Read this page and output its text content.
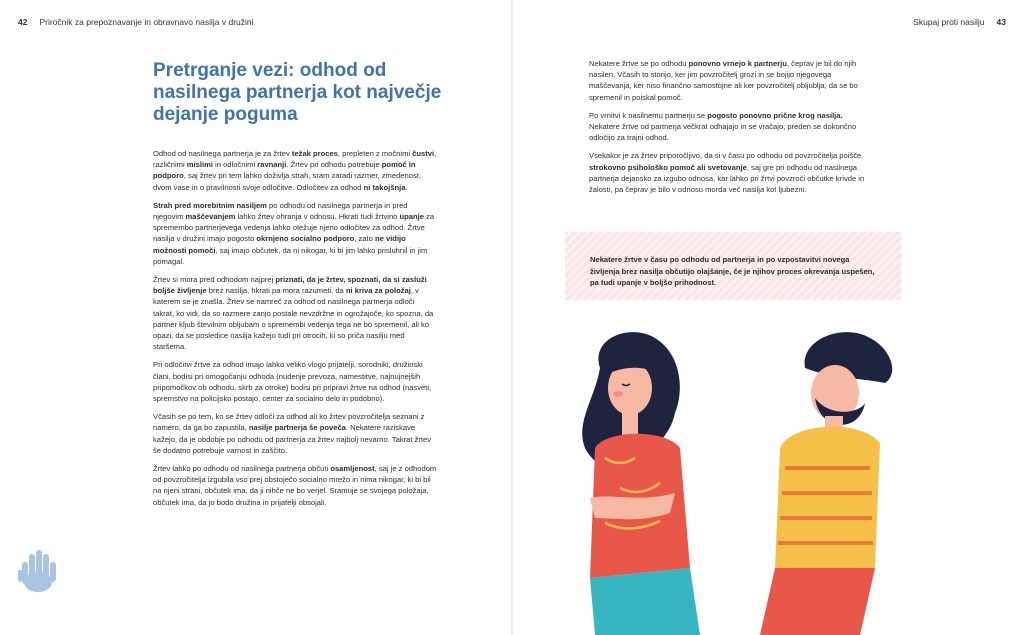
42 Priročnik za prepoznavanje in obravnavo nasilja v družini	Skupaj proti nasilju 43
Pretrganje vezi: odhod od nasilnega partnerja kot največje dejanje poguma

Odhod od nasilnega partnerja je za žrtev težak proces, prepleten z močnimi čustvi, različnimi mislimi in odločnimi ravnanji. Žrtev pri odhodu potrebuje pomoč in podporo, saj žrtev pri tem lahko doživlja strah, sram zaradi razmer, zmedenost, dvom vase in o pravilnosti svoje odločitve. Odločitev za odhod ni takojšnja.

Strah pred morebitnim nasiljem po odhodu od nasilnega partnerja in pred njegovim maščevanjem lahko žrtev ohranja v odnosu. Hkrati tudi žrtvino upanje za spremembo partnerjevega vedenja lahko otežuje njeno odločitev za odhod. Žrtve nasilja v družini imajo pogosto okrnjeno socialno podporo, zato ne vidijo možnosti pomoči, saj imajo občutek, da ni nikogar, ki bi jim lahko prisluhnil in jim pomagal.

Žrtev si mora pred odhodom najprej priznati, da je žrtev, spoznati, da si zasluži boljše življenje brez nasilja, hkrati pa mora razumeti, da ni kriva za položaj, v katerem se je znašla. Žrtev se namreč za odhod od nasilnega partnerja odloči takrat, ko vidi, da so razmere zanjo postale nevzdržne in ogrožajoče, ko spozna, da partner kljub številnim obljubam o spremembi vedenja tega ne bo spremenil, ali ko opazi, da se posledice nasilja kažejo tudi pri otrocih, ki so priča nasilju med staršema.

Pri odločitvi žrtve za odhod imajo lahko veliko vlogo prijatelji, sorodniki, družinski člani, bodisi pri omogočanju odhoda (nudenje prevoza, namestitve, najnujnejših pripomočkov ob odhodu, skrb za otroke) bodisi pri pripravi žrtve na odhod (nasveti, spremstvo na policijsko postajo, center za socialno delo in podobno).

Včasih se po tem, ko se žrtev odloči za odhod ali ko žrtev povzročitelja seznani z namero, da ga bo zapustila, nasilje partnerja še poveča. Nekatere raziskave kažejo, da je obdobje po odhodu od partnerja za žrtev najbolj nevarno. Takrat žrtev še dodatno potrebuje varnost in zaščito.

Žrtev lahko po odhodu od nasilnega partnerja občuti osamljenost, saj je z odhodom od povzročitelja izgubila vso prej obstoječo socialno mrežo in nima nikogar, ki bi bil na njeni strani, občutek ima, da ji nihče ne bo verjel. Sramuje se svojega položaja, občutek ima, da jo bodo družina in prijatelji obsojali.

Nekatere žrtve se po odhodu ponovno vrnejo k partnerju, čeprav je bil do njih nasilen. Včasih to storijo, ker jim povzročitelj grozi in se bojijo njegovega maščevanja, ker niso finančno samostojne ali ker povzročitelj obljublja, da se bo spremenil in poiskal pomoč.

Po vrnitvi k nasilnemu partnerju se pogosto ponovno prične krog nasilja. Nekatere žrtve od partnerja večkrat odhajajo in se vračajo, preden se dokončno odločijo za trajni odhod.

Vsekakor je za žrtev priporočljivo, da si v času po odhodu od povzročitelja poišče strokovno psihološko pomoč ali svetovanje, saj gre pri odhodu od nasilnega partnerja dejansko za izgubo odnosa, kar lahko pri žrtvi povzroči občutke krivde in žalosti, pa čeprav je bilo v odnosu morda več nasilja kot ljubezni.

Nekatere žrtve v času po odhodu od partnerja in po vzpostavitvi novega življenja brez nasilja občutijo olajšanje, če je njihov proces okrevanja uspešen, pa tudi upanje v boljšo prihodnost.
